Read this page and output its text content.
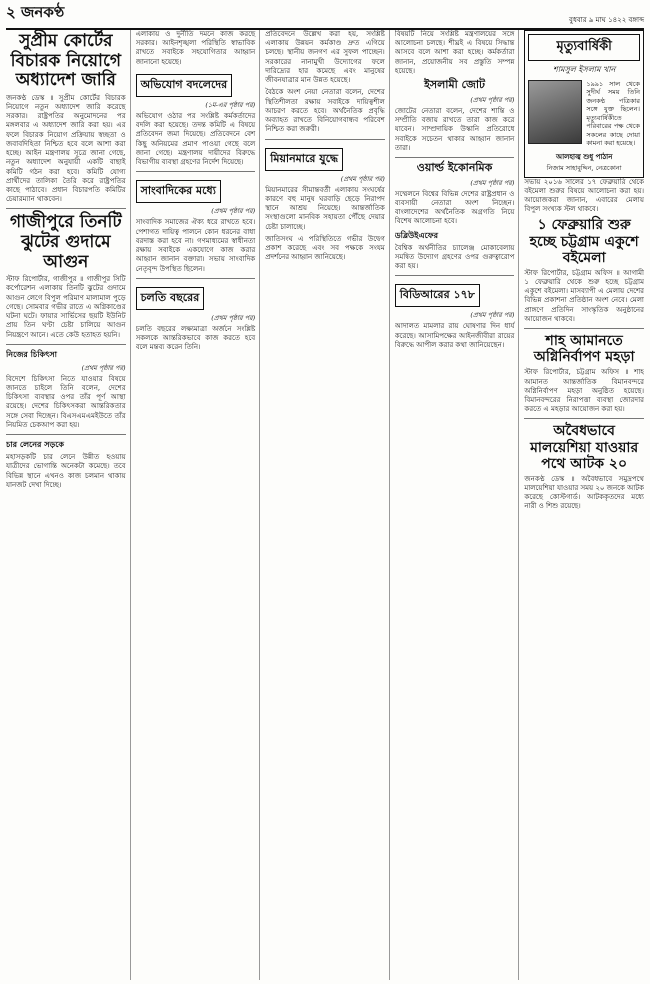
২ জনকণ্ঠ	বুধবার ৯ মাঘ ১৪২২ বঙ্গাব্দ
সুপ্রীম কোর্টের বিচারক নিয়োগে অধ্যাদেশ জারি

জনকণ্ঠ ডেস্ক ॥ সুপ্রীম কোর্টের বিচারক নিয়োগে নতুন অধ্যাদেশ জারি করেছে সরকার। রাষ্ট্রপতির অনুমোদনের পর মঙ্গলবার এ অধ্যাদেশ জারি করা হয়। এর ফলে বিচারক নিয়োগ প্রক্রিয়ায় স্বচ্ছতা ও জবাবদিহিতা নিশ্চিত হবে বলে আশা করা হচ্ছে। আইন মন্ত্রণালয় সূত্রে জানা গেছে, নতুন অধ্যাদেশ অনুযায়ী একটি বাছাই কমিটি গঠন করা হবে। কমিটি যোগ্য প্রার্থীদের তালিকা তৈরি করে রাষ্ট্রপতির কাছে পাঠাবে। প্রধান বিচারপতি কমিটির চেয়ারম্যান থাকবেন।

গাজীপুরে তিনটি ঝুটের গুদামে আগুন

স্টাফ রিপোর্টার, গাজীপুর ॥ গাজীপুর সিটি কর্পোরেশন এলাকায় তিনটি ঝুটের গুদামে আগুন লেগে বিপুল পরিমাণ মালামাল পুড়ে গেছে। সোমবার গভীর রাতে এ অগ্নিকাণ্ডের ঘটনা ঘটে। ফায়ার সার্ভিসের ছয়টি ইউনিট প্রায় তিন ঘণ্টা চেষ্টা চালিয়ে আগুন নিয়ন্ত্রণে আনে। এতে কেউ হতাহত হয়নি।

নিজের চিকিৎসা
(প্রথম পৃষ্ঠার পর)

বিদেশে চিকিৎসা নিতে যাওয়ার বিষয়ে জানতে চাইলে তিনি বলেন, দেশের চিকিৎসা ব্যবস্থার ওপর তাঁর পূর্ণ আস্থা রয়েছে। দেশের চিকিৎসকরা আন্তরিকতার সঙ্গে সেবা দিচ্ছেন। বিএসএমএমইউতে তাঁর নিয়মিত চেকআপ করা হয়।

চার লেনের সড়কে

মহাসড়কটি চার লেনে উন্নীত হওয়ায় যাত্রীদের ভোগান্তি অনেকটা কমেছে। তবে বিভিন্ন স্থানে এখনও কাজ চলমান থাকায় যানজট দেখা দিচ্ছে।

এলাকায় ও দুর্নীতি দমনে কাজ করছে সরকার। আইনশৃঙ্খলা পরিস্থিতি স্বাভাবিক রাখতে সবাইকে সহযোগিতার আহ্বান জানানো হয়েছে।

অভিযোগ বদলেদের
(১ম-এর পৃষ্ঠার পর)

অভিযোগ ওঠার পর সংশ্লিষ্ট কর্মকর্তাদের বদলি করা হয়েছে। তদন্ত কমিটি এ বিষয়ে প্রতিবেদন জমা দিয়েছে। প্রতিবেদনে বেশ কিছু অনিয়মের প্রমাণ পাওয়া গেছে বলে জানা গেছে। মন্ত্রণালয় দায়ীদের বিরুদ্ধে বিভাগীয় ব্যবস্থা গ্রহণের নির্দেশ দিয়েছে।

সাংবাদিকের মধ্যে
(প্রথম পৃষ্ঠার পর)

সাংবাদিক সমাজের ঐক্য ধরে রাখতে হবে। পেশাগত দায়িত্ব পালনে কোন ধরনের বাধা বরদাস্ত করা হবে না। গণমাধ্যমের স্বাধীনতা রক্ষায় সবাইকে একযোগে কাজ করার আহ্বান জানান বক্তারা। সভায় সাংবাদিক নেতৃবৃন্দ উপস্থিত ছিলেন।

চলতি বছরের
(প্রথম পৃষ্ঠার পর)

চলতি বছরের লক্ষ্যমাত্রা অর্জনে সংশ্লিষ্ট সকলকে আন্তরিকভাবে কাজ করতে হবে বলে মন্তব্য করেন তিনি।

প্রতিবেদনে উল্লেখ করা হয়, সংশ্লিষ্ট এলাকায় উন্নয়ন কর্মকাণ্ড দ্রুত এগিয়ে চলছে। স্থানীয় জনগণ এর সুফল পাচ্ছেন। সরকারের নানামুখী উদ্যোগের ফলে দারিদ্র্যের হার কমেছে এবং মানুষের জীবনযাত্রার মান উন্নত হয়েছে।

বৈঠকে অংশ নেয়া নেতারা বলেন, দেশের স্থিতিশীলতা রক্ষায় সবাইকে দায়িত্বশীল আচরণ করতে হবে। অর্থনৈতিক প্রবৃদ্ধি অব্যাহত রাখতে বিনিয়োগবান্ধব পরিবেশ নিশ্চিত করা জরুরী।

মিয়ানমারে যুদ্ধে
(প্রথম পৃষ্ঠার পর)

মিয়ানমারের সীমান্তবর্তী এলাকায় সংঘর্ষের কারণে বহু মানুষ ঘরবাড়ি ছেড়ে নিরাপদ স্থানে আশ্রয় নিয়েছে। আন্তর্জাতিক সংস্থাগুলো মানবিক সহায়তা পৌঁছে দেয়ার চেষ্টা চালাচ্ছে।

জাতিসংঘ এ পরিস্থিতিতে গভীর উদ্বেগ প্রকাশ করেছে এবং সব পক্ষকে সংযম প্রদর্শনের আহ্বান জানিয়েছে।

বিষয়টি নিয়ে সংশ্লিষ্ট মন্ত্রণালয়ের সঙ্গে আলোচনা চলছে। শীঘ্রই এ বিষয়ে সিদ্ধান্ত আসবে বলে আশা করা হচ্ছে। কর্মকর্তারা জানান, প্রয়োজনীয় সব প্রস্তুতি সম্পন্ন হয়েছে।

ইসলামী জোট
(প্রথম পৃষ্ঠার পর)

জোটের নেতারা বলেন, দেশের শান্তি ও সম্প্রীতি বজায় রাখতে তারা কাজ করে যাবেন। সাম্প্রদায়িক উস্কানি প্রতিরোধে সবাইকে সচেতন থাকার আহ্বান জানান তারা।

ওয়ার্ল্ড ইকোনমিক
(প্রথম পৃষ্ঠার পর)

সম্মেলনে বিশ্বের বিভিন্ন দেশের রাষ্ট্রপ্রধান ও ব্যবসায়ী নেতারা অংশ নিচ্ছেন। বাংলাদেশের অর্থনৈতিক অগ্রগতি নিয়ে বিশেষ আলোচনা হবে।

ডব্লিউইএফের

বৈশ্বিক অর্থনীতির চ্যালেঞ্জ মোকাবেলায় সমন্বিত উদ্যোগ গ্রহণের ওপর গুরুত্বারোপ করা হয়।

বিডিআরের ১৭৮
(প্রথম পৃষ্ঠার পর)

আদালত মামলার রায় ঘোষণার দিন ধার্য করেছে। আসামিপক্ষের আইনজীবীরা রায়ের বিরুদ্ধে আপীল করার কথা জানিয়েছেন।

মৃত্যুবার্ষিকী
শামসুল ইসলাম খান
১৯৯১ সাল থেকে সুদীর্ঘ সময় তিনি জনকণ্ঠ পত্রিকার সঙ্গে যুক্ত ছিলেন। মৃত্যুবার্ষিকীতে পরিবারের পক্ষ থেকে সকলের কাছে দোয়া কামনা করা হয়েছে।
আলহাজ্ব শুধু পাঠান
নিজাম সাহাবুদ্দিন, নেত্রকোনা

সভায় ২০১৬ সালের ১৭ ফেব্রুয়ারি থেকে বইমেলা শুরুর বিষয়ে আলোচনা করা হয়। আয়োজকরা জানান, এবারের মেলায় বিপুল সংখ্যক স্টল থাকবে।

১ ফেব্রুয়ারি শুরু হচ্ছে চট্টগ্রাম একুশে বইমেলা

স্টাফ রিপোর্টার, চট্টগ্রাম অফিস ॥ আগামী ১ ফেব্রুয়ারি থেকে শুরু হচ্ছে চট্টগ্রাম একুশে বইমেলা। মাসব্যাপী এ মেলায় দেশের বিভিন্ন প্রকাশনা প্রতিষ্ঠান অংশ নেবে। মেলা প্রাঙ্গণে প্রতিদিন সাংস্কৃতিক অনুষ্ঠানের আয়োজন থাকবে।

শাহ আমানতে অগ্নিনির্বাপণ মহড়া

স্টাফ রিপোর্টার, চট্টগ্রাম অফিস ॥ শাহ আমানত আন্তর্জাতিক বিমানবন্দরে অগ্নিনির্বাপণ মহড়া অনুষ্ঠিত হয়েছে। বিমানবন্দরের নিরাপত্তা ব্যবস্থা জোরদার করতে এ মহড়ার আয়োজন করা হয়।

অবৈধভাবে মালয়েশিয়া যাওয়ার পথে আটক ২০

জনকণ্ঠ ডেস্ক ॥ অবৈধভাবে সমুদ্রপথে মালয়েশিয়া যাওয়ার সময় ২০ জনকে আটক করেছে কোস্টগার্ড। আটককৃতদের মধ্যে নারী ও শিশু রয়েছে।
